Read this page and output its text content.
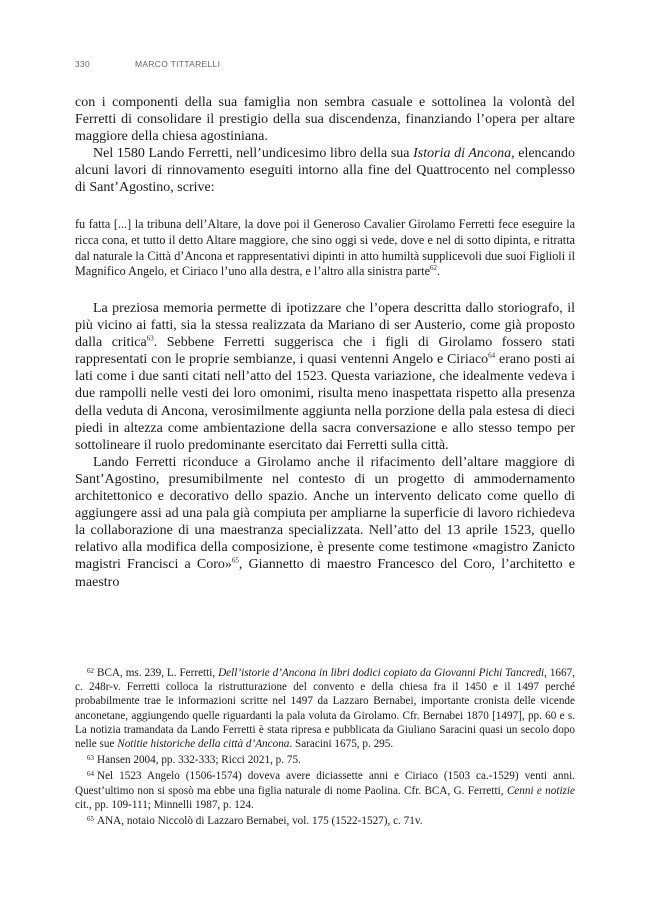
330	MARCO TITTARELLI

con i componenti della sua famiglia non sembra casuale e sottolinea la volontà del Ferretti di consolidare il prestigio della sua discendenza, finanziando l’opera per altare maggiore della chiesa agostiniana.

Nel 1580 Lando Ferretti, nell’undicesimo libro della sua Istoria di Ancona, elencando alcuni lavori di rinnovamento eseguiti intorno alla fine del Quattrocento nel complesso di Sant’Agostino, scrive:

fu fatta [...] la tribuna dell’Altare, la dove poi il Generoso Cavalier Girolamo Ferretti fece eseguire la ricca cona, et tutto il detto Altare maggiore, che sino oggi si vede, dove e nel di sotto dipinta, e ritratta dal naturale la Città d’Ancona et rappresentativi dipinti in atto humiltà supplicevoli due suoi Figlioli il Magnifico Angelo, et Ciriaco l’uno alla destra, e l’altro alla sinistra parte$^{62}$.

La preziosa memoria permette di ipotizzare che l’opera descritta dallo storiografo, il più vicino ai fatti, sia la stessa realizzata da Mariano di ser Austerio, come già proposto dalla critica$^{63}$. Sebbene Ferretti suggerisca che i figli di Girolamo fossero stati rappresentati con le proprie sembianze, i quasi ventenni Angelo e Ciriaco$^{64}$ erano posti ai lati come i due santi citati nell’atto del 1523. Questa variazione, che idealmente vedeva i due rampolli nelle vesti dei loro omonimi, risulta meno inaspettata rispetto alla presenza della veduta di Ancona, verosimilmente aggiunta nella porzione della pala estesa di dieci piedi in altezza come ambientazione della sacra conversazione e allo stesso tempo per sottolineare il ruolo predominante esercitato dai Ferretti sulla città.

Lando Ferretti riconduce a Girolamo anche il rifacimento dell’altare maggiore di Sant’Agostino, presumibilmente nel contesto di un progetto di ammodernamento architettonico e decorativo dello spazio. Anche un intervento delicato come quello di aggiungere assi ad una pala già compiuta per ampliarne la superficie di lavoro richiedeva la collaborazione di una maestranza specializzata. Nell’atto del 13 aprile 1523, quello relativo alla modifica della composizione, è presente come testimone «magistro Zanicto magistri Francisci a Coro»$^{65}$, Giannetto di maestro Francesco del Coro, l’architetto e maestro

$^{62}$ BCA, ms. 239, L. Ferretti, Dell’istorie d’Ancona in libri dodici copiato da Giovanni Pichi Tancredi, 1667, c. 248r-v. Ferretti colloca la ristrutturazione del convento e della chiesa fra il 1450 e il 1497 perché probabilmente trae le informazioni scritte nel 1497 da Lazzaro Bernabei, importante cronista delle vicende anconetane, aggiungendo quelle riguardanti la pala voluta da Girolamo. Cfr. Bernabei 1870 [1497], pp. 60 e s. La notizia tramandata da Lando Ferretti è stata ripresa e pubblicata da Giuliano Saracini quasi un secolo dopo nelle sue Notitie historiche della città d’Ancona. Saracini 1675, p. 295.

$^{63}$ Hansen 2004, pp. 332-333; Ricci 2021, p. 75.

$^{64}$ Nel 1523 Angelo (1506-1574) doveva avere diciassette anni e Ciriaco (1503 ca.-1529) venti anni. Quest’ultimo non si sposò ma ebbe una figlia naturale di nome Paolina. Cfr. BCA, G. Ferretti, Cenni e notizie cit., pp. 109-111; Minnelli 1987, p. 124.

$^{65}$ ANA, notaio Niccolò di Lazzaro Bernabei, vol. 175 (1522-1527), c. 71v.
